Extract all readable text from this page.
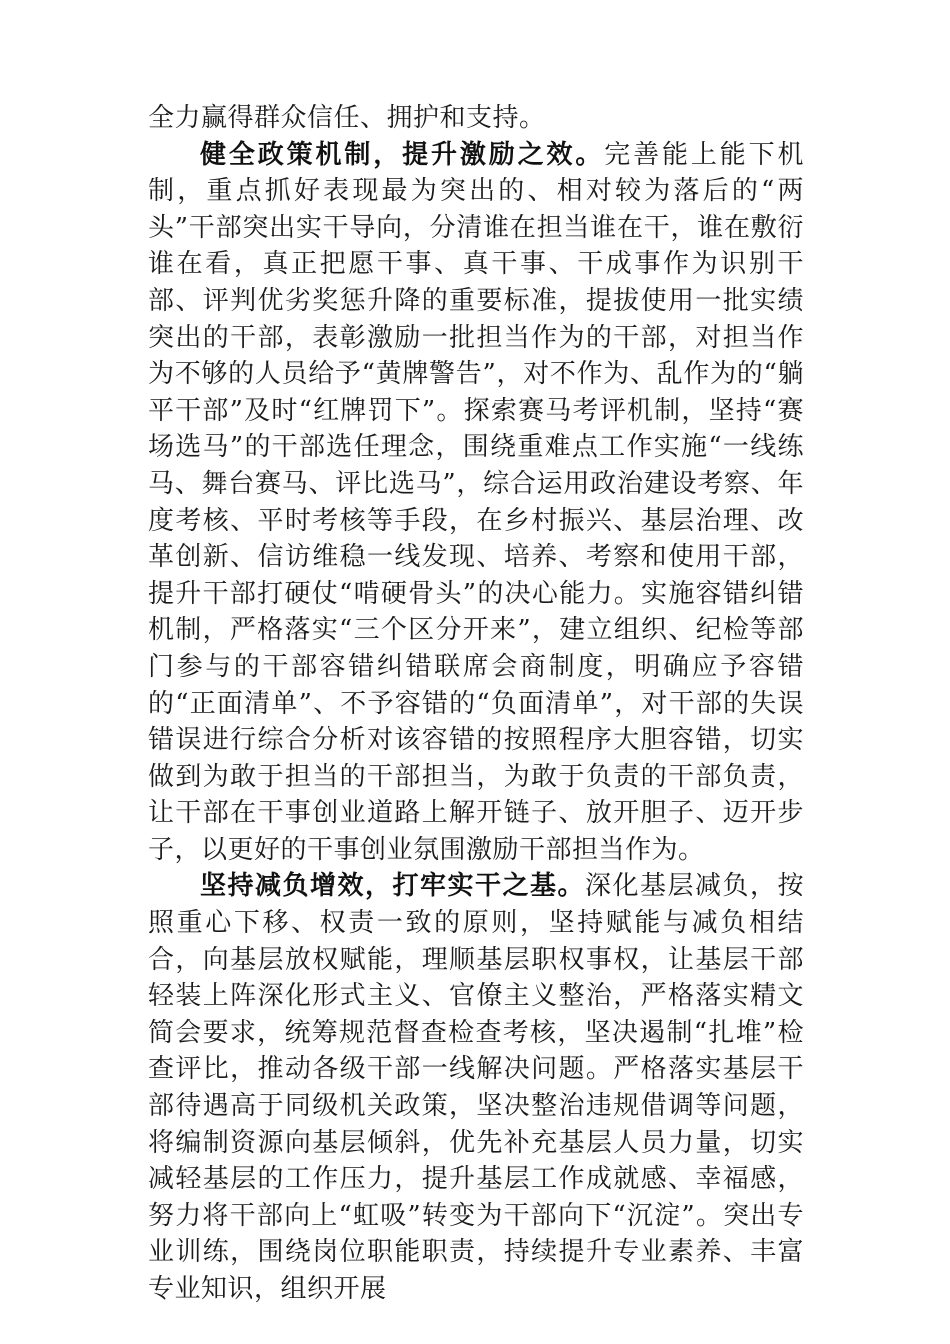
全力赢得群众信任、拥护和支持。

健全政策机制，提升激励之效。完善能上能下机制，重点抓好表现最为突出的、相对较为落后的“两头”干部突出实干导向，分清谁在担当谁在干，谁在敷衍谁在看，真正把愿干事、真干事、干成事作为识别干部、评判优劣奖惩升降的重要标准，提拔使用一批实绩突出的干部，表彰激励一批担当作为的干部，对担当作为不够的人员给予“黄牌警告”，对不作为、乱作为的“躺平干部”及时“红牌罚下”。探索赛马考评机制，坚持“赛场选马”的干部选任理念，围绕重难点工作实施“一线练马、舞台赛马、评比选马”，综合运用政治建设考察、年度考核、平时考核等手段，在乡村振兴、基层治理、改革创新、信访维稳一线发现、培养、考察和使用干部，提升干部打硬仗“啃硬骨头”的决心能力。实施容错纠错机制，严格落实“三个区分开来”，建立组织、纪检等部门参与的干部容错纠错联席会商制度，明确应予容错的“正面清单”、不予容错的“负面清单”，对干部的失误错误进行综合分析对该容错的按照程序大胆容错，切实做到为敢于担当的干部担当，为敢于负责的干部负责，让干部在干事创业道路上解开链子、放开胆子、迈开步子，以更好的干事创业氛围激励干部担当作为。

坚持减负增效，打牢实干之基。深化基层减负，按照重心下移、权责一致的原则，坚持赋能与减负相结合，向基层放权赋能，理顺基层职权事权，让基层干部轻装上阵深化形式主义、官僚主义整治，严格落实精文简会要求，统筹规范督查检查考核，坚决遏制“扎堆”检查评比，推动各级干部一线解决问题。严格落实基层干部待遇高于同级机关政策，坚决整治违规借调等问题，将编制资源向基层倾斜，优先补充基层人员力量，切实减轻基层的工作压力，提升基层工作成就感、幸福感，努力将干部向上“虹吸”转变为干部向下“沉淀”。突出专业训练，围绕岗位职能职责，持续提升专业素养、丰富专业知识，组织开展
